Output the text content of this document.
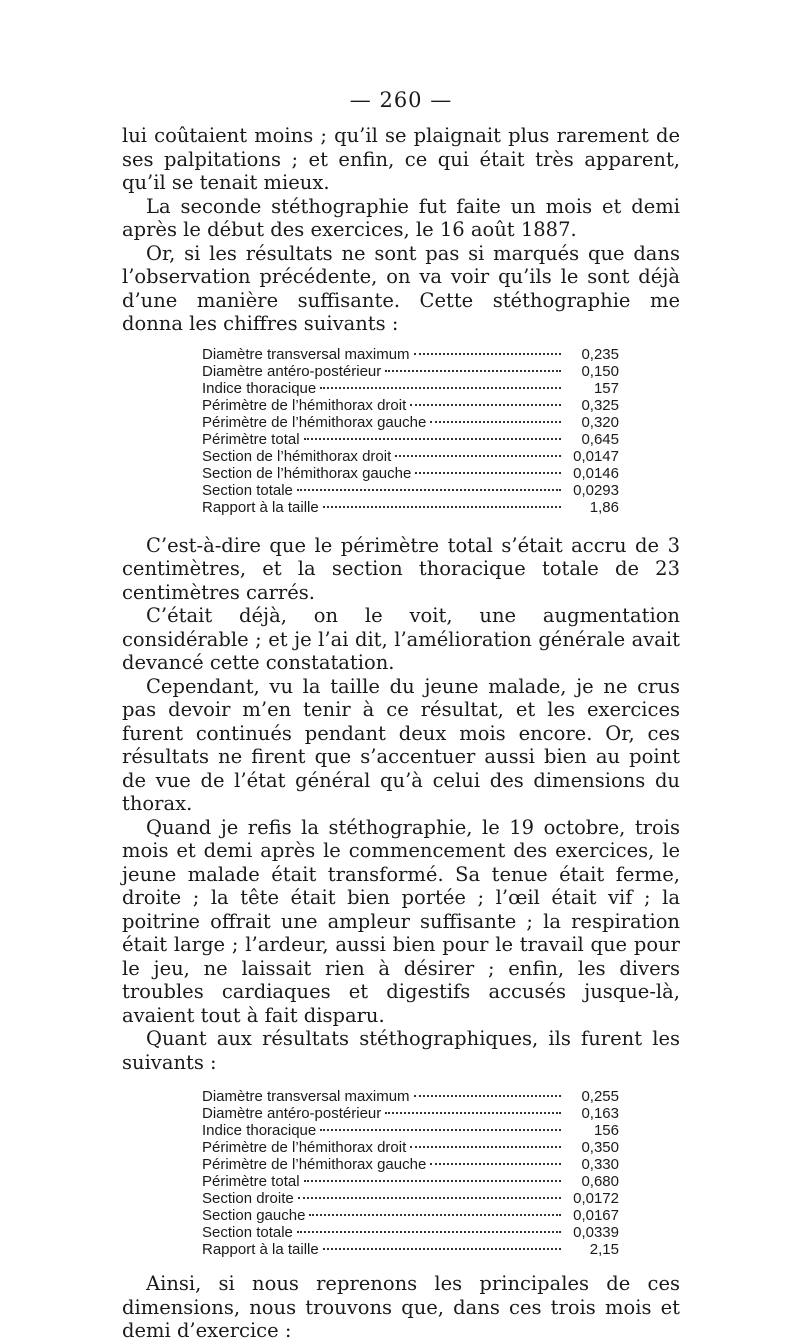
— 260 —

lui coûtaient moins ; qu’il se plaignait plus rarement de ses palpitations ; et enfin, ce qui était très apparent, qu’il se tenait mieux.

La seconde stéthographie fut faite un mois et demi après le début des exercices, le 16 août 1887.

Or, si les résultats ne sont pas si marqués que dans l’observation précédente, on va voir qu’ils le sont déjà d’une manière suffisante. Cette stéthographie me donna les chiffres suivants :

Diamètre transversal maximum	0,235
Diamètre antéro-postérieur	0,150
Indice thoracique	157
Périmètre de l’hémithorax droit	0,325
Périmètre de l’hémithorax gauche	0,320
Périmètre total	0,645
Section de l’hémithorax droit	0,0147
Section de l’hémithorax gauche	0,0146
Section totale	0,0293
Rapport à la taille	1,86

C’est-à-dire que le périmètre total s’était accru de 3 centimètres, et la section thoracique totale de 23 centimètres carrés.

C’était déjà, on le voit, une augmentation considérable ; et je l’ai dit, l’amélioration générale avait devancé cette constatation.

Cependant, vu la taille du jeune malade, je ne crus pas devoir m’en tenir à ce résultat, et les exercices furent continués pendant deux mois encore. Or, ces résultats ne firent que s’accentuer aussi bien au point de vue de l’état général qu’à celui des dimensions du thorax.

Quand je refis la stéthographie, le 19 octobre, trois mois et demi après le commencement des exercices, le jeune malade était transformé. Sa tenue était ferme, droite ; la tête était bien portée ; l’œil était vif ; la poitrine offrait une ampleur suffisante ; la respiration était large ; l’ardeur, aussi bien pour le travail que pour le jeu, ne laissait rien à désirer ; enfin, les divers troubles cardiaques et digestifs accusés jusque-là, avaient tout à fait disparu.

Quant aux résultats stéthographiques, ils furent les suivants :

Diamètre transversal maximum	0,255
Diamètre antéro-postérieur	0,163
Indice thoracique	156
Périmètre de l’hémithorax droit	0,350
Périmètre de l’hémithorax gauche	0,330
Périmètre total	0,680
Section droite	0,0172
Section gauche	0,0167
Section totale	0,0339
Rapport à la taille	2,15

Ainsi, si nous reprenons les principales de ces dimensions, nous trouvons que, dans ces trois mois et demi d’exercice :
